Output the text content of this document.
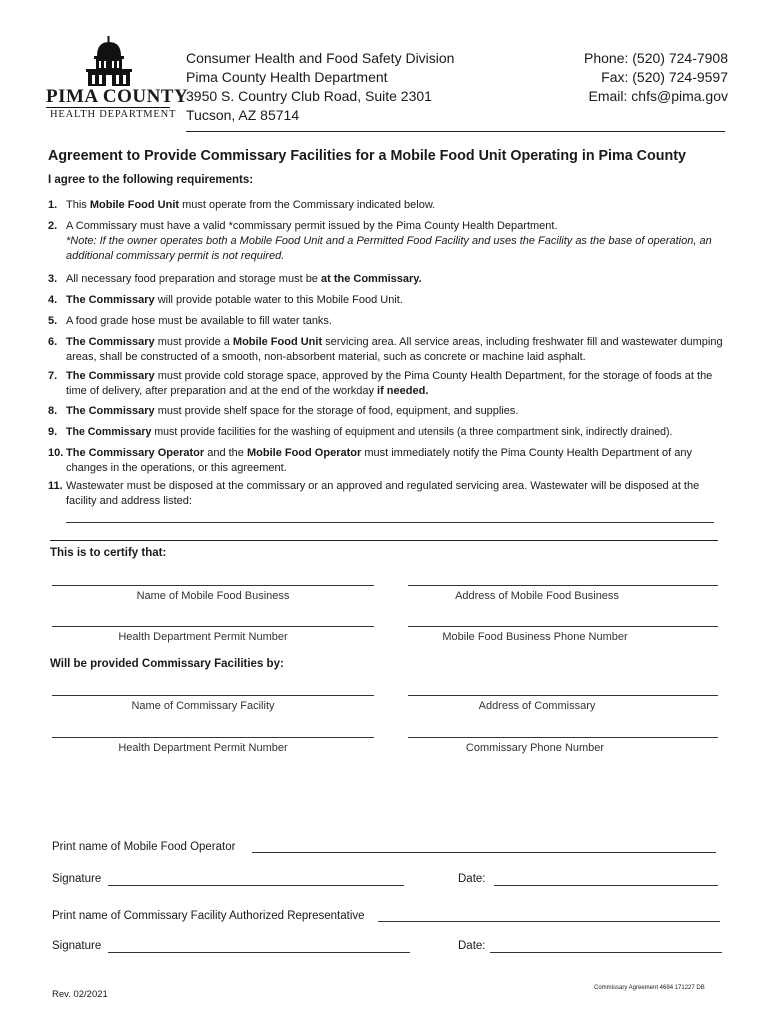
PIMA COUNTY
HEALTH DEPARTMENT
Consumer Health and Food Safety Division
Pima County Health Department
3950 S. Country Club Road, Suite 2301
Tucson, AZ 85714
Phone: (520) 724-7908
Fax: (520) 724-9597
Email: chfs@pima.gov
Agreement to Provide Commissary Facilities for a Mobile Food Unit Operating in Pima County
I agree to the following requirements:
1. This Mobile Food Unit must operate from the Commissary indicated below.
2. A Commissary must have a valid *commissary permit issued by the Pima County Health Department.
*Note: If the owner operates both a Mobile Food Unit and a Permitted Food Facility and uses the Facility as the base of operation, an additional commissary permit is not required.
3. All necessary food preparation and storage must be at the Commissary.
4. The Commissary will provide potable water to this Mobile Food Unit.
5. A food grade hose must be available to fill water tanks.
6. The Commissary must provide a Mobile Food Unit servicing area. All service areas, including freshwater fill and wastewater dumping areas, shall be constructed of a smooth, non-absorbent material, such as concrete or machine laid asphalt.
7. The Commissary must provide cold storage space, approved by the Pima County Health Department, for the storage of foods at the time of delivery, after preparation and at the end of the workday if needed.
8. The Commissary must provide shelf space for the storage of food, equipment, and supplies.
9. The Commissary must provide facilities for the washing of equipment and utensils (a three compartment sink, indirectly drained).
10. The Commissary Operator and the Mobile Food Operator must immediately notify the Pima County Health Department of any changes in the operations, or this agreement.
11. Wastewater must be disposed at the commissary or an approved and regulated servicing area. Wastewater will be disposed at the facility and address listed:
This is to certify that:
Name of Mobile Food Business	Address of Mobile Food Business
Health Department Permit Number	Mobile Food Business Phone Number
Will be provided Commissary Facilities by:
Name of Commissary Facility	Address of Commissary
Health Department Permit Number	Commissary Phone Number
Print name of Mobile Food Operator
Signature	Date:
Print name of Commissary Facility Authorized Representative
Signature	Date:
Rev. 02/2021
Commissary Agreement 4684 171227 DB
